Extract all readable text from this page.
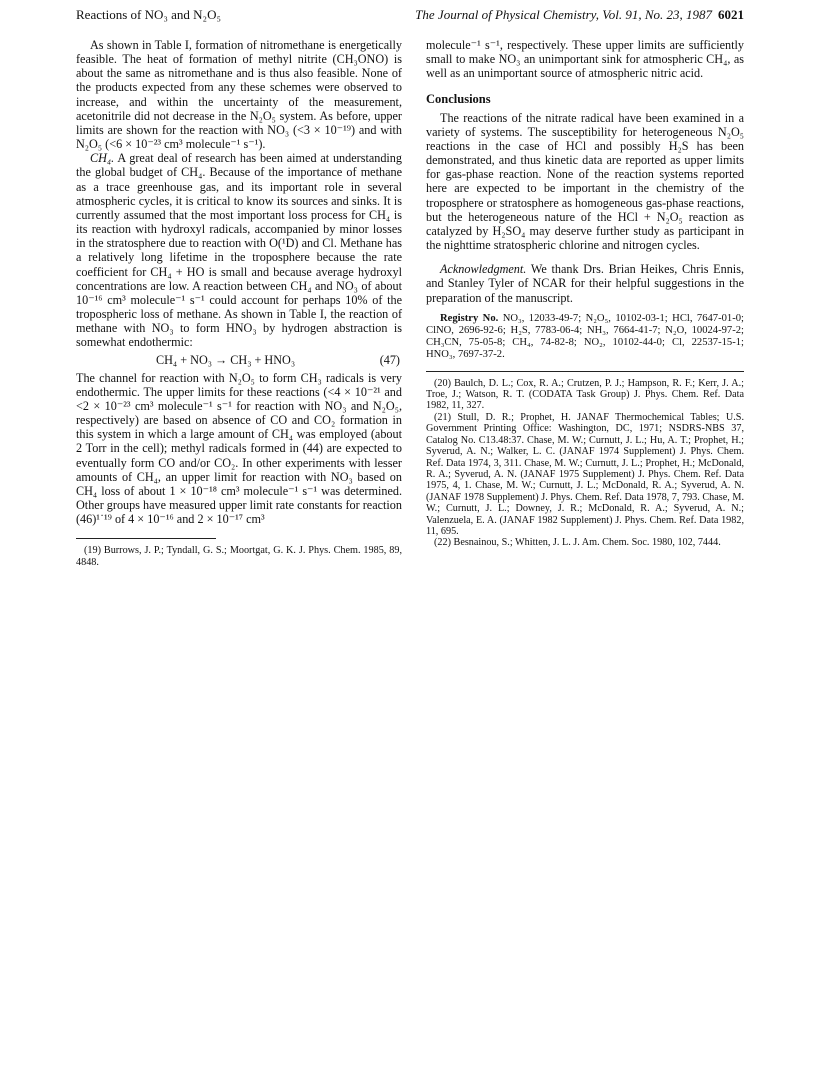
Reactions of NO₃ and N₂O₅	The Journal of Physical Chemistry, Vol. 91, No. 23, 1987 6021

As shown in Table I, formation of nitromethane is energetically feasible. The heat of formation of methyl nitrite (CH₃ONO) is about the same as nitromethane and is thus also feasible. None of the products expected from any these schemes were observed to increase, and within the uncertainty of the measurement, acetonitrile did not decrease in the N₂O₅ system. As before, upper limits are shown for the reaction with NO₃ (<3 × 10⁻¹⁹) and with N₂O₅ (<6 × 10⁻²³ cm³ molecule⁻¹ s⁻¹).

CH₄. A great deal of research has been aimed at understanding the global budget of CH₄. Because of the importance of methane as a trace greenhouse gas, and its important role in several atmospheric cycles, it is critical to know its sources and sinks. It is currently assumed that the most important loss process for CH₄ is its reaction with hydroxyl radicals, accompanied by minor losses in the stratosphere due to reaction with O(¹D) and Cl. Methane has a relatively long lifetime in the troposphere because the rate coefficient for CH₄ + HO is small and because average hydroxyl concentrations are low. A reaction between CH₄ and NO₃ of about 10⁻¹⁶ cm³ molecule⁻¹ s⁻¹ could account for perhaps 10% of the tropospheric loss of methane. As shown in Table I, the reaction of methane with NO₃ to form HNO₃ by hydrogen abstraction is somewhat endothermic:

CH₄ + NO₃ → CH₃ + HNO₃	(47)

The channel for reaction with N₂O₅ to form CH₃ radicals is very endothermic. The upper limits for these reactions (<4 × 10⁻²¹ and <2 × 10⁻²³ cm³ molecule⁻¹ s⁻¹ for reaction with NO₃ and N₂O₅, respectively) are based on absence of CO and CO₂ formation in this system in which a large amount of CH₄ was employed (about 2 Torr in the cell); methyl radicals formed in (44) are expected to eventually form CO and/or CO₂. In other experiments with lesser amounts of CH₄, an upper limit for reaction with NO₃ based on CH₄ loss of about 1 × 10⁻¹⁸ cm³ molecule⁻¹ s⁻¹ was determined. Other groups have measured upper limit rate constants for reaction (46)¹˙¹⁹ of 4 × 10⁻¹⁶ and 2 × 10⁻¹⁷ cm³

(19) Burrows, J. P.; Tyndall, G. S.; Moortgat, G. K. J. Phys. Chem. 1985, 89, 4848.

molecule⁻¹ s⁻¹, respectively. These upper limits are sufficiently small to make NO₃ an unimportant sink for atmospheric CH₄, as well as an unimportant source of atmospheric nitric acid.

Conclusions

The reactions of the nitrate radical have been examined in a variety of systems. The susceptibility for heterogeneous N₂O₅ reactions in the case of HCl and possibly H₂S has been demonstrated, and thus kinetic data are reported as upper limits for gas-phase reaction. None of the reaction systems reported here are expected to be important in the chemistry of the troposphere or stratosphere as homogeneous gas-phase reactions, but the heterogeneous nature of the HCl + N₂O₅ reaction as catalyzed by H₂SO₄ may deserve further study as participant in the nighttime stratospheric chlorine and nitrogen cycles.

Acknowledgment. We thank Drs. Brian Heikes, Chris Ennis, and Stanley Tyler of NCAR for their helpful suggestions in the preparation of the manuscript.

Registry No. NO₃, 12033-49-7; N₂O₅, 10102-03-1; HCl, 7647-01-0; ClNO, 2696-92-6; H₂S, 7783-06-4; NH₃, 7664-41-7; N₂O, 10024-97-2; CH₃CN, 75-05-8; CH₄, 74-82-8; NO₂, 10102-44-0; Cl, 22537-15-1; HNO₃, 7697-37-2.

(20) Baulch, D. L.; Cox, R. A.; Crutzen, P. J.; Hampson, R. F.; Kerr, J. A.; Troe, J.; Watson, R. T. (CODATA Task Group) J. Phys. Chem. Ref. Data 1982, 11, 327.

(21) Stull, D. R.; Prophet, H. JANAF Thermochemical Tables; U.S. Government Printing Office: Washington, DC, 1971; NSDRS-NBS 37, Catalog No. C13.48:37. Chase, M. W.; Curnutt, J. L.; Hu, A. T.; Prophet, H.; Syverud, A. N.; Walker, L. C. (JANAF 1974 Supplement) J. Phys. Chem. Ref. Data 1974, 3, 311. Chase, M. W.; Curnutt, J. L.; Prophet, H.; McDonald, R. A.; Syverud, A. N. (JANAF 1975 Supplement) J. Phys. Chem. Ref. Data 1975, 4, 1. Chase, M. W.; Curnutt, J. L.; McDonald, R. A.; Syverud, A. N. (JANAF 1978 Supplement) J. Phys. Chem. Ref. Data 1978, 7, 793. Chase, M. W.; Curnutt, J. L.; Downey, J. R.; McDonald, R. A.; Syverud, A. N.; Valenzuela, E. A. (JANAF 1982 Supplement) J. Phys. Chem. Ref. Data 1982, 11, 695.

(22) Besnainou, S.; Whitten, J. L. J. Am. Chem. Soc. 1980, 102, 7444.
